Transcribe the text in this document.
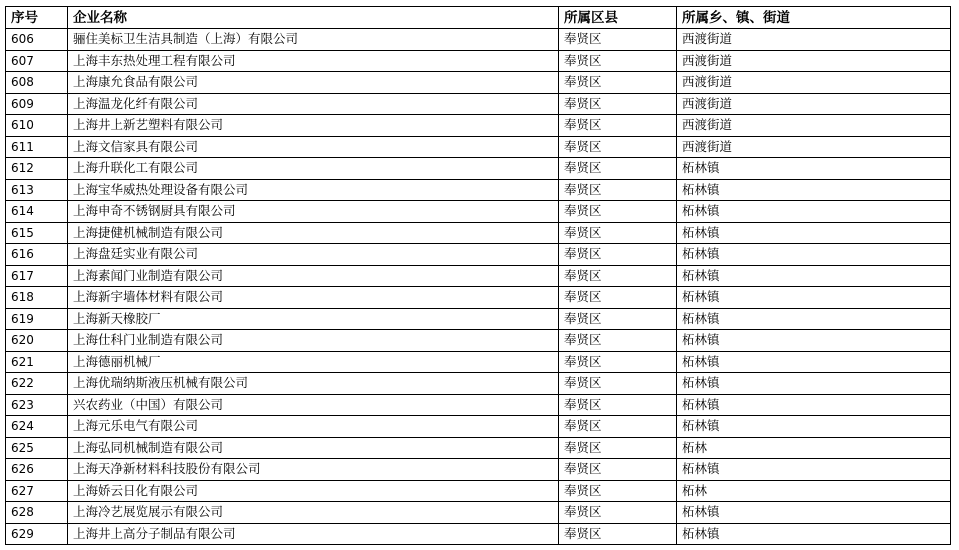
序号	企业名称	所属区县	所属乡、镇、街道
606	骊住美标卫生洁具制造（上海）有限公司	奉贤区	西渡街道
607	上海丰东热处理工程有限公司	奉贤区	西渡街道
608	上海康允食品有限公司	奉贤区	西渡街道
609	上海温龙化纤有限公司	奉贤区	西渡街道
610	上海井上新艺塑料有限公司	奉贤区	西渡街道
611	上海文信家具有限公司	奉贤区	西渡街道
612	上海升联化工有限公司	奉贤区	柘林镇
613	上海宝华威热处理设备有限公司	奉贤区	柘林镇
614	上海申奇不锈钢厨具有限公司	奉贤区	柘林镇
615	上海捷健机械制造有限公司	奉贤区	柘林镇
616	上海盘廷实业有限公司	奉贤区	柘林镇
617	上海素闻门业制造有限公司	奉贤区	柘林镇
618	上海新宇墙体材料有限公司	奉贤区	柘林镇
619	上海新天橡胶厂	奉贤区	柘林镇
620	上海仕科门业制造有限公司	奉贤区	柘林镇
621	上海德丽机械厂	奉贤区	柘林镇
622	上海优瑞纳斯液压机械有限公司	奉贤区	柘林镇
623	兴农药业（中国）有限公司	奉贤区	柘林镇
624	上海元乐电气有限公司	奉贤区	柘林镇
625	上海弘同机械制造有限公司	奉贤区	柘林
626	上海天净新材料科技股份有限公司	奉贤区	柘林镇
627	上海娇云日化有限公司	奉贤区	柘林
628	上海冷艺展览展示有限公司	奉贤区	柘林镇
629	上海井上高分子制品有限公司	奉贤区	柘林镇
